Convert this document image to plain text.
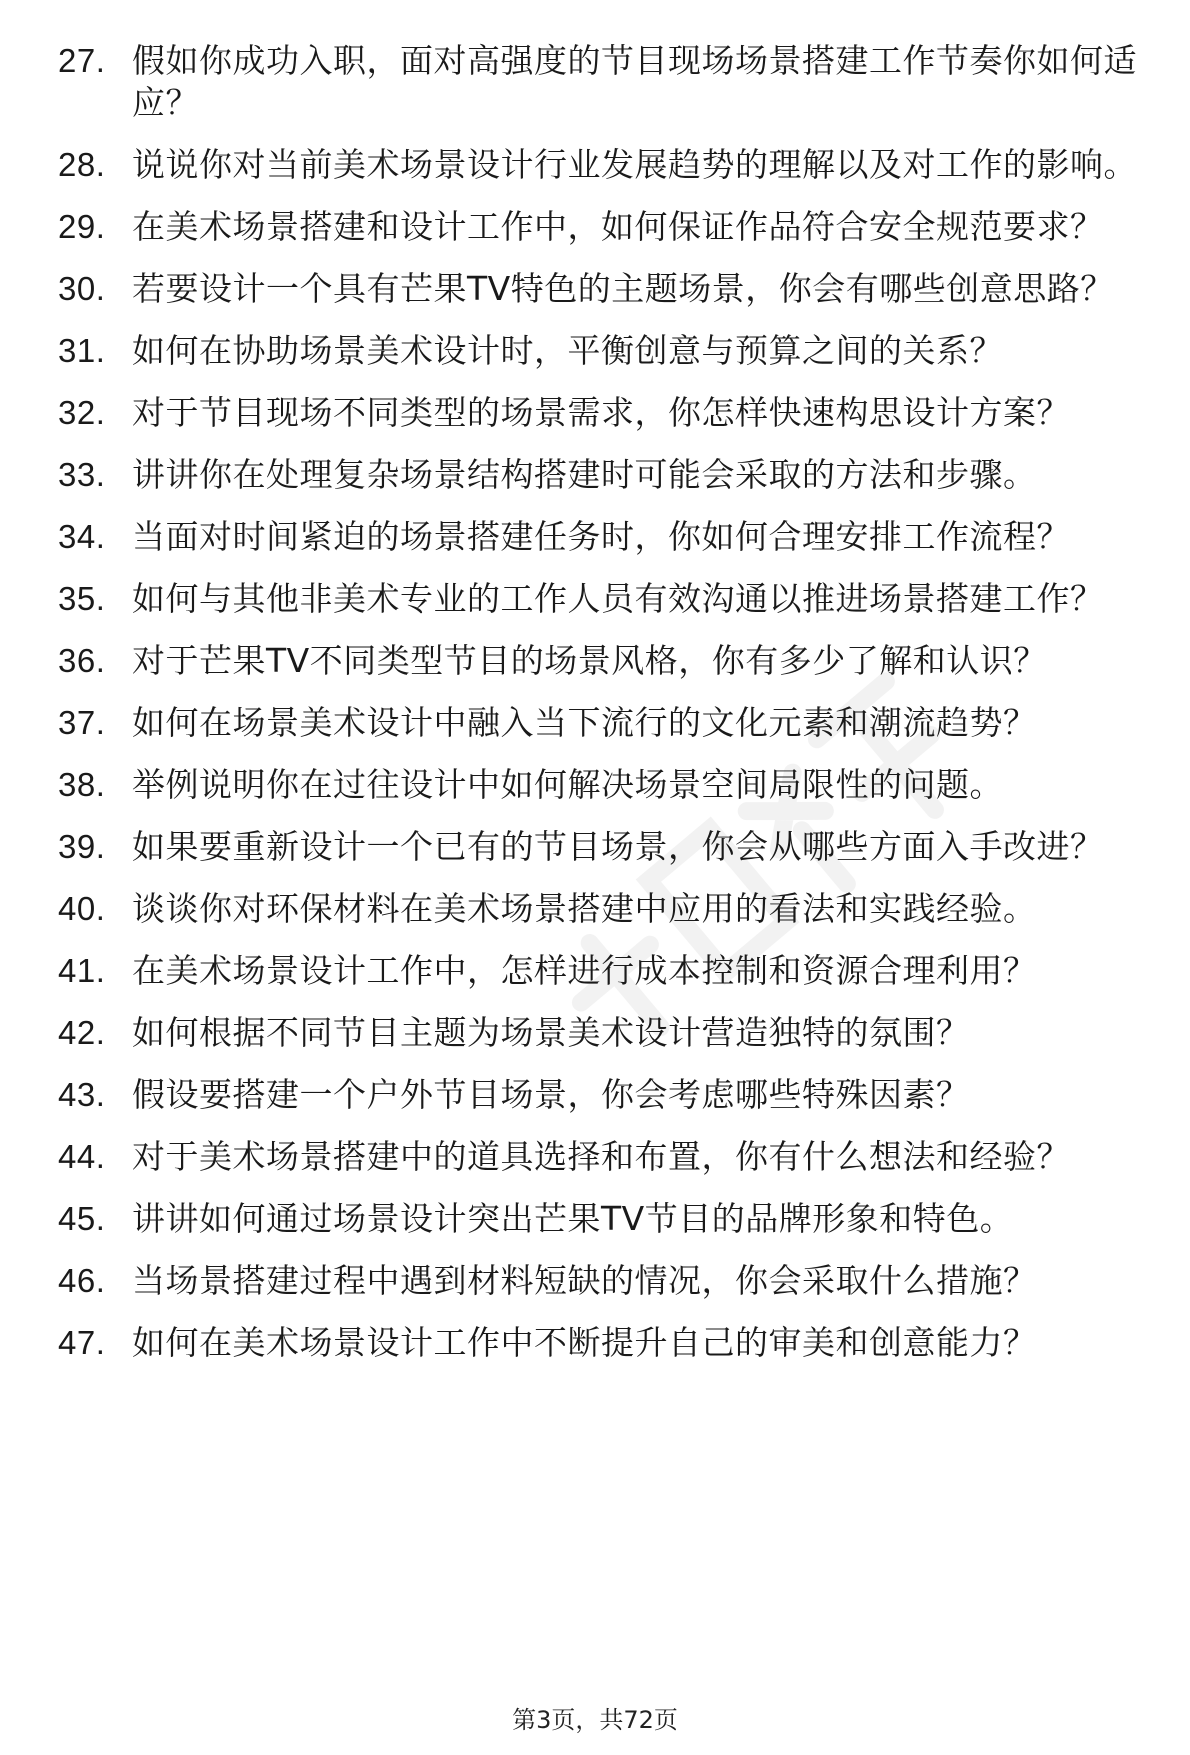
27. 假如你成功入职，面对高强度的节目现场场景搭建工作节奏你如何适应？
28. 说说你对当前美术场景设计行业发展趋势的理解以及对工作的影响。
29. 在美术场景搭建和设计工作中，如何保证作品符合安全规范要求？
30. 若要设计一个具有芒果TV特色的主题场景，你会有哪些创意思路？
31. 如何在协助场景美术设计时，平衡创意与预算之间的关系？
32. 对于节目现场不同类型的场景需求，你怎样快速构思设计方案？
33. 讲讲你在处理复杂场景结构搭建时可能会采取的方法和步骤。
34. 当面对时间紧迫的场景搭建任务时，你如何合理安排工作流程？
35. 如何与其他非美术专业的工作人员有效沟通以推进场景搭建工作？
36. 对于芒果TV不同类型节目的场景风格，你有多少了解和认识？
37. 如何在场景美术设计中融入当下流行的文化元素和潮流趋势？
38. 举例说明你在过往设计中如何解决场景空间局限性的问题。
39. 如果要重新设计一个已有的节目场景，你会从哪些方面入手改进？
40. 谈谈你对环保材料在美术场景搭建中应用的看法和实践经验。
41. 在美术场景设计工作中，怎样进行成本控制和资源合理利用？
42. 如何根据不同节目主题为场景美术设计营造独特的氛围？
43. 假设要搭建一个户外节目场景，你会考虑哪些特殊因素？
44. 对于美术场景搭建中的道具选择和布置，你有什么想法和经验？
45. 讲讲如何通过场景设计突出芒果TV节目的品牌形象和特色。
46. 当场景搭建过程中遇到材料短缺的情况，你会采取什么措施？
47. 如何在美术场景设计工作中不断提升自己的审美和创意能力？
第3页，共72页
